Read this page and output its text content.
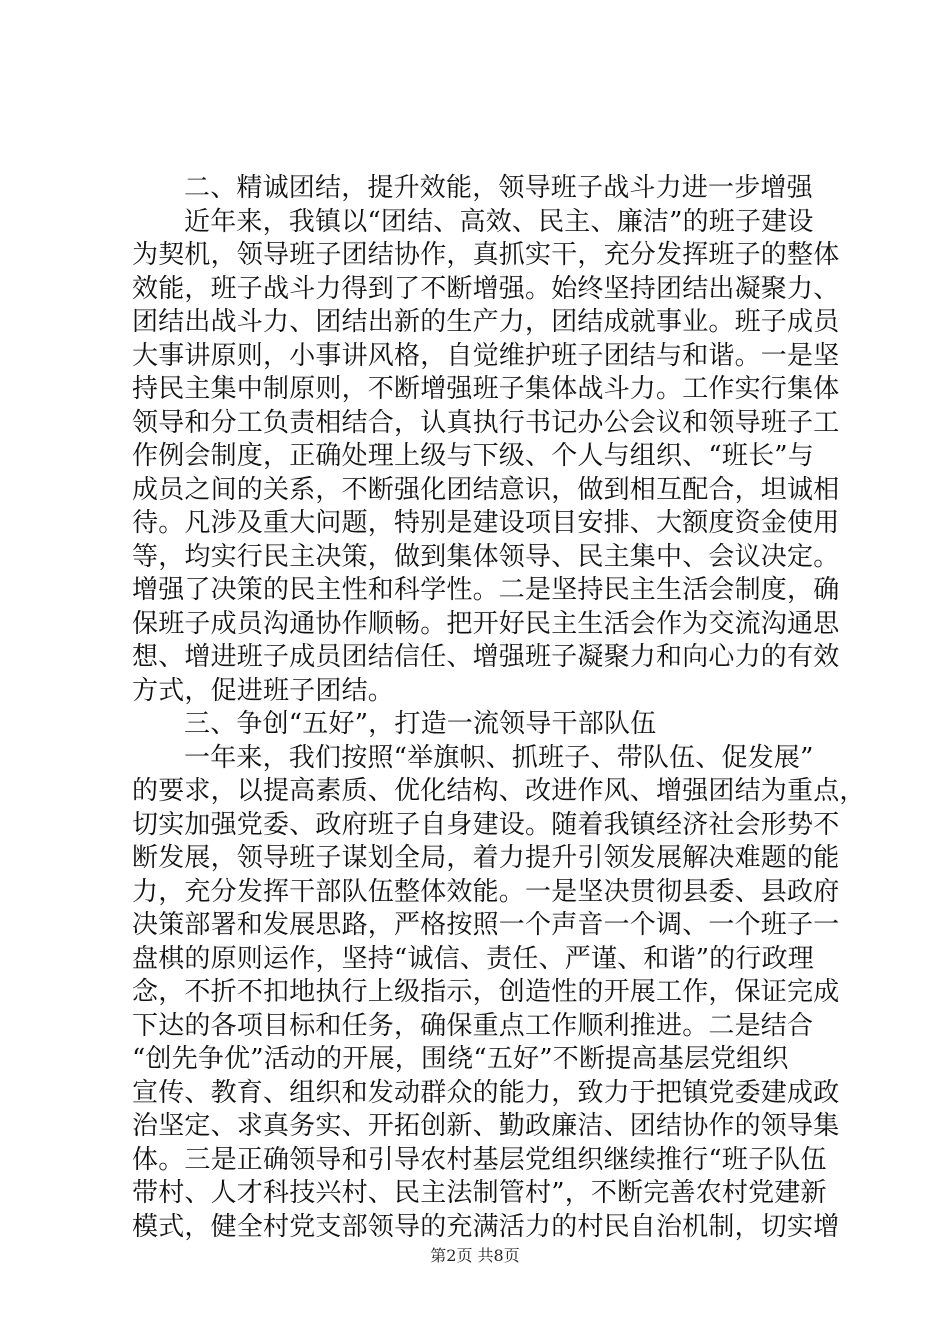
二、精诚团结，提升效能，领导班子战斗力进一步增强
近年来，我镇以“团结、高效、民主、廉洁”的班子建设
为契机，领导班子团结协作，真抓实干，充分发挥班子的整体
效能，班子战斗力得到了不断增强。始终坚持团结出凝聚力、
团结出战斗力、团结出新的生产力，团结成就事业。班子成员
大事讲原则，小事讲风格，自觉维护班子团结与和谐。一是坚
持民主集中制原则，不断增强班子集体战斗力。工作实行集体
领导和分工负责相结合，认真执行书记办公会议和领导班子工
作例会制度，正确处理上级与下级、个人与组织、“班长”与
成员之间的关系，不断强化团结意识，做到相互配合，坦诚相
待。凡涉及重大问题，特别是建设项目安排、大额度资金使用
等，均实行民主决策，做到集体领导、民主集中、会议决定。
增强了决策的民主性和科学性。二是坚持民主生活会制度，确
保班子成员沟通协作顺畅。把开好民主生活会作为交流沟通思
想、增进班子成员团结信任、增强班子凝聚力和向心力的有效
方式，促进班子团结。
三、争创“五好”，打造一流领导干部队伍
一年来，我们按照“举旗帜、抓班子、带队伍、促发展”
的要求，以提高素质、优化结构、改进作风、增强团结为重点，
切实加强党委、政府班子自身建设。随着我镇经济社会形势不
断发展，领导班子谋划全局，着力提升引领发展解决难题的能
力，充分发挥干部队伍整体效能。一是坚决贯彻县委、县政府
决策部署和发展思路，严格按照一个声音一个调、一个班子一
盘棋的原则运作，坚持“诚信、责任、严谨、和谐”的行政理
念，不折不扣地执行上级指示，创造性的开展工作，保证完成
下达的各项目标和任务，确保重点工作顺利推进。二是结合
“创先争优”活动的开展，围绕“五好”不断提高基层党组织
宣传、教育、组织和发动群众的能力，致力于把镇党委建成政
治坚定、求真务实、开拓创新、勤政廉洁、团结协作的领导集
体。三是正确领导和引导农村基层党组织继续推行“班子队伍
带村、人才科技兴村、民主法制管村”，不断完善农村党建新
模式，健全村党支部领导的充满活力的村民自治机制，切实增
第2页 共8页
